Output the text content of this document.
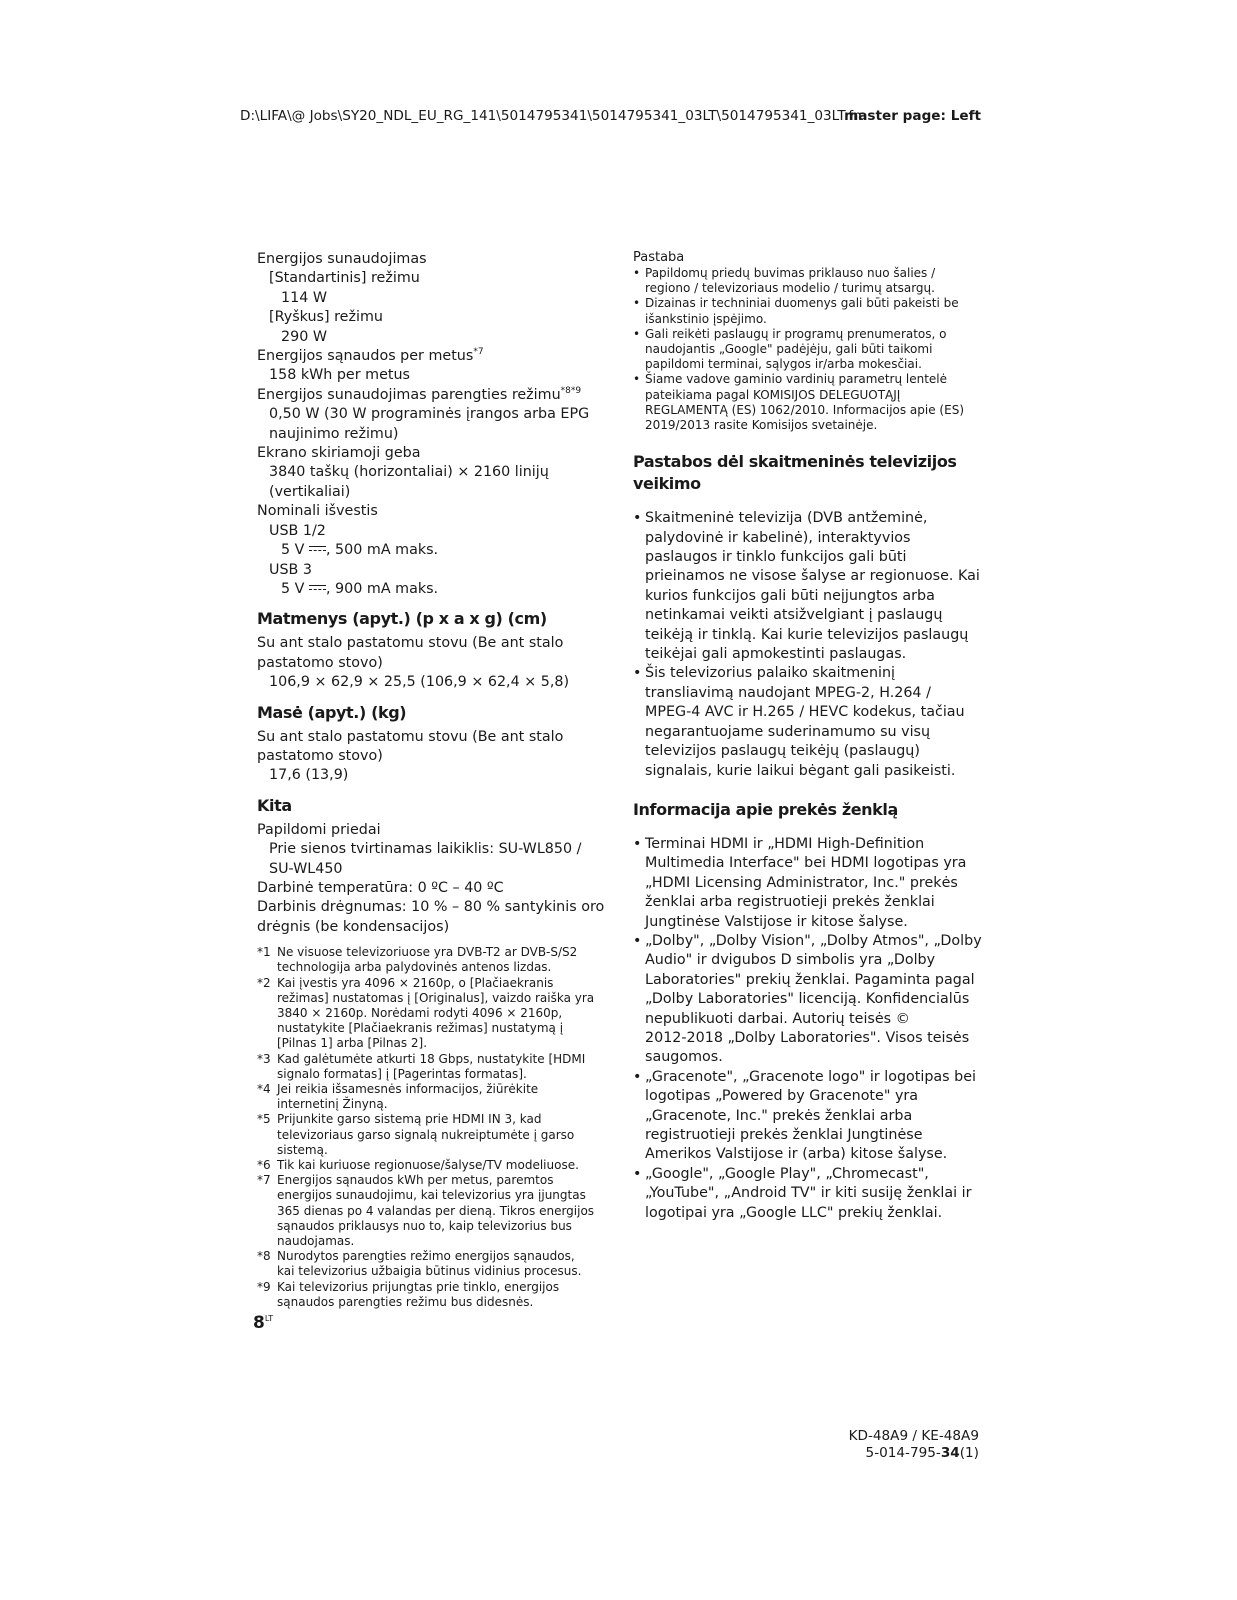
D:\LIFA\@ Jobs\SY20_NDL_EU_RG_141\5014795341\5014795341_03LT\5014795341_03LT.fm
master page: Left
Energijos sunaudojimas
[Standartinis] režimu
114 W
[Ryškus] režimu
290 W
Energijos sąnaudos per metus$^{*7}$
158 kWh per metus
Energijos sunaudojimas parengties režimu$^{*8*9}$
0,50 W (30 W programinės įrangos arba EPG
naujinimo režimu)
Ekrano skiriamoji geba
3840 taškų (horizontaliai) × 2160 linijų
(vertikaliai)
Nominali išvestis
USB 1/2
5 V , 500 mA maks.
USB 3
5 V , 900 mA maks.
Matmenys (apyt.) (p x a x g) (cm)
Su ant stalo pastatomu stovu (Be ant stalo
pastatomo stovo)
106,9 × 62,9 × 25,5 (106,9 × 62,4 × 5,8)
Masė (apyt.) (kg)
Su ant stalo pastatomu stovu (Be ant stalo
pastatomo stovo)
17,6 (13,9)
Kita
Papildomi priedai
Prie sienos tvirtinamas laikiklis: SU-WL850 /
SU-WL450
Darbinė temperatūra: 0 ºC – 40 ºC
Darbinis drėgnumas: 10 % – 80 % santykinis oro
drėgnis (be kondensacijos)
*1 Ne visuose televizoriuose yra DVB-T2 ar DVB-S/S2
technologija arba palydovinės antenos lizdas.
*2 Kai įvestis yra 4096 × 2160p, o [Plačiaekranis
režimas] nustatomas į [Originalus], vaizdo raiška yra
3840 × 2160p. Norėdami rodyti 4096 × 2160p,
nustatykite [Plačiaekranis režimas] nustatymą į
[Pilnas 1] arba [Pilnas 2].
*3 Kad galėtumėte atkurti 18 Gbps, nustatykite [HDMI
signalo formatas] į [Pagerintas formatas].
*4 Jei reikia išsamesnės informacijos, žiūrėkite
internetinį Žinyną.
*5 Prijunkite garso sistemą prie HDMI IN 3, kad
televizoriaus garso signalą nukreiptumėte į garso
sistemą.
*6 Tik kai kuriuose regionuose/šalyse/TV modeliuose.
*7 Energijos sąnaudos kWh per metus, paremtos
energijos sunaudojimu, kai televizorius yra įjungtas
365 dienas po 4 valandas per dieną. Tikros energijos
sąnaudos priklausys nuo to, kaip televizorius bus
naudojamas.
*8 Nurodytos parengties režimo energijos sąnaudos,
kai televizorius užbaigia būtinus vidinius procesus.
*9 Kai televizorius prijungtas prie tinklo, energijos
sąnaudos parengties režimu bus didesnės.
$8^{LT}$
Pastaba
• Papildomų priedų buvimas priklauso nuo šalies /
regiono / televizoriaus modelio / turimų atsargų.
• Dizainas ir techniniai duomenys gali būti pakeisti be
išankstinio įspėjimo.
• Gali reikėti paslaugų ir programų prenumeratos, o
naudojantis „Google" padėjėju, gali būti taikomi
papildomi terminai, sąlygos ir/arba mokesčiai.
• Šiame vadove gaminio vardinių parametrų lentelė
pateikiama pagal KOMISIJOS DELEGUOTĄJĮ
REGLAMENTĄ (ES) 1062/2010. Informacijos apie (ES)
2019/2013 rasite Komisijos svetainėje.
Pastabos dėl skaitmeninės televizijos
veikimo
• Skaitmeninė televizija (DVB antžeminė,
palydovinė ir kabelinė), interaktyvios
paslaugos ir tinklo funkcijos gali būti
prieinamos ne visose šalyse ar regionuose. Kai
kurios funkcijos gali būti neįjungtos arba
netinkamai veikti atsižvelgiant į paslaugų
teikėją ir tinklą. Kai kurie televizijos paslaugų
teikėjai gali apmokestinti paslaugas.
• Šis televizorius palaiko skaitmeninį
transliavimą naudojant MPEG-2, H.264 /
MPEG-4 AVC ir H.265 / HEVC kodekus, tačiau
negarantuojame suderinamumo su visų
televizijos paslaugų teikėjų (paslaugų)
signalais, kurie laikui bėgant gali pasikeisti.
Informacija apie prekės ženklą
• Terminai HDMI ir „HDMI High-Definition
Multimedia Interface" bei HDMI logotipas yra
„HDMI Licensing Administrator, Inc." prekės
ženklai arba registruotieji prekės ženklai
Jungtinėse Valstijose ir kitose šalyse.
• „Dolby", „Dolby Vision", „Dolby Atmos", „Dolby
Audio" ir dvigubos D simbolis yra „Dolby
Laboratories" prekių ženklai. Pagaminta pagal
„Dolby Laboratories" licenciją. Konfidencialūs
nepublikuoti darbai. Autorių teisės ©
2012-2018 „Dolby Laboratories". Visos teisės
saugomos.
• „Gracenote", „Gracenote logo" ir logotipas bei
logotipas „Powered by Gracenote" yra
„Gracenote, Inc." prekės ženklai arba
registruotieji prekės ženklai Jungtinėse
Amerikos Valstijose ir (arba) kitose šalyse.
• „Google", „Google Play", „Chromecast",
„YouTube", „Android TV" ir kiti susiję ženklai ir
logotipai yra „Google LLC" prekių ženklai.
KD-48A9 / KE-48A9
5-014-795-34(1)
